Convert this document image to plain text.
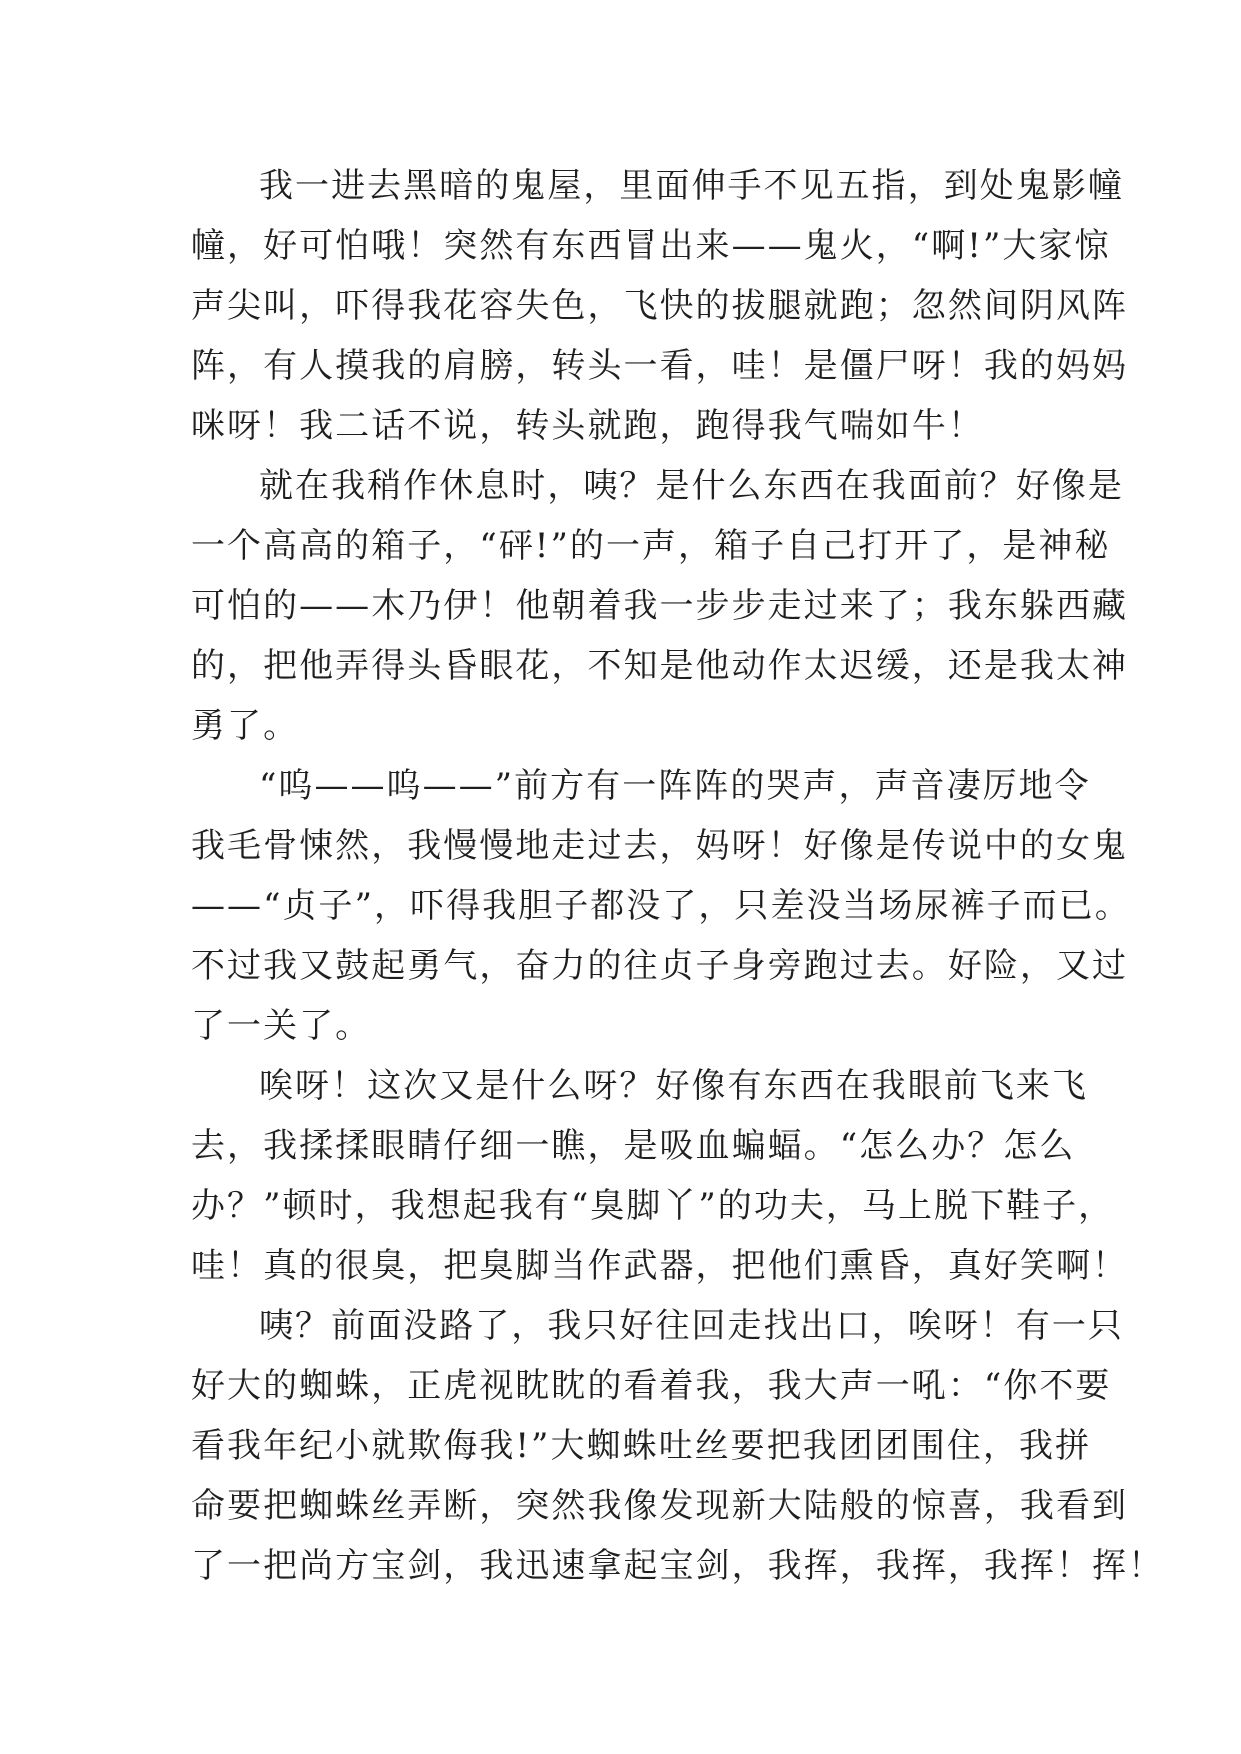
我一进去黑暗的鬼屋，里面伸手不见五指，到处鬼影幢
幢，好可怕哦！突然有东西冒出来——鬼火，“啊!”大家惊
声尖叫，吓得我花容失色，飞快的拔腿就跑；忽然间阴风阵
阵，有人摸我的肩膀，转头一看，哇！是僵尸呀！我的妈妈
咪呀！我二话不说，转头就跑，跑得我气喘如牛！
就在我稍作休息时，咦？是什么东西在我面前？好像是
一个高高的箱子，“砰!”的一声，箱子自己打开了，是神秘
可怕的——木乃伊！他朝着我一步步走过来了；我东躲西藏
的，把他弄得头昏眼花，不知是他动作太迟缓，还是我太神
勇了。
“呜——呜——”前方有一阵阵的哭声，声音凄厉地令
我毛骨悚然，我慢慢地走过去，妈呀！好像是传说中的女鬼
——“贞子”，吓得我胆子都没了，只差没当场尿裤子而已。
不过我又鼓起勇气，奋力的往贞子身旁跑过去。好险，又过
了一关了。
唉呀！这次又是什么呀？好像有东西在我眼前飞来飞
去，我揉揉眼睛仔细一瞧，是吸血蝙蝠。“怎么办？怎么
办？”顿时，我想起我有“臭脚丫”的功夫，马上脱下鞋子，
哇！真的很臭，把臭脚当作武器，把他们熏昏，真好笑啊！
咦？前面没路了，我只好往回走找出口，唉呀！有一只
好大的蜘蛛，正虎视眈眈的看着我，我大声一吼：“你不要
看我年纪小就欺侮我!”大蜘蛛吐丝要把我团团围住，我拼
命要把蜘蛛丝弄断，突然我像发现新大陆般的惊喜，我看到
了一把尚方宝剑，我迅速拿起宝剑，我挥，我挥，我挥！挥！
